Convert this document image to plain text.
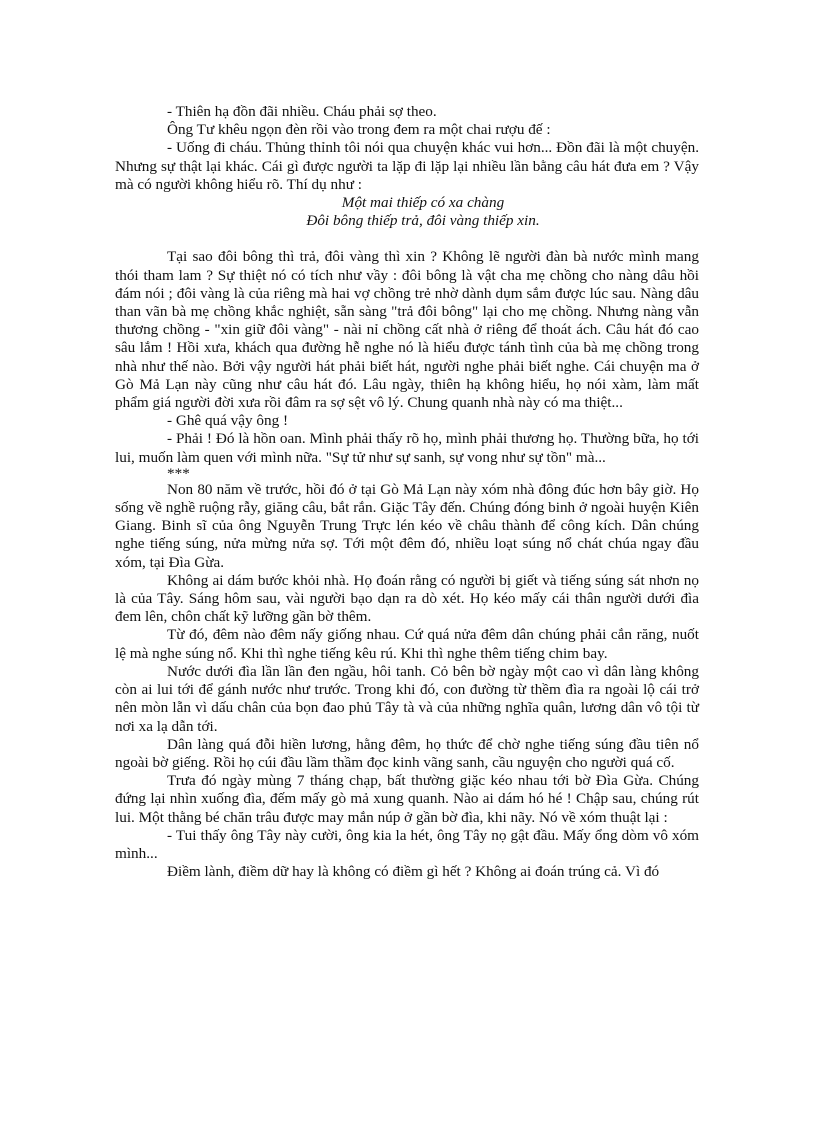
- Thiên hạ đồn đãi nhiều. Cháu phải sợ theo.

Ông Tư khêu ngọn đèn rồi vào trong đem ra một chai rượu đế :

- Uống đi cháu. Thủng thỉnh tôi nói qua chuyện khác vui hơn... Đồn đãi là một chuyện. Nhưng sự thật lại khác. Cái gì được người ta lặp đi lặp lại nhiều lần bằng câu hát đưa em ? Vậy mà có người không hiểu rõ. Thí dụ như :

Một mai thiếp có xa chàng

Đôi bông thiếp trả, đôi vàng thiếp xin.

Tại sao đôi bông thì trả, đôi vàng thì xin ? Không lẽ người đàn bà nước mình mang thói tham lam ? Sự thiệt nó có tích như vầy : đôi bông là vật cha mẹ chồng cho nàng dâu hồi đám nói ; đôi vàng là của riêng mà hai vợ chồng trẻ nhờ dành dụm sắm được lúc sau. Nàng dâu than vãn bà mẹ chồng khắc nghiệt, sẵn sàng "trả đôi bông" lại cho mẹ chồng. Nhưng nàng vẫn thương chồng - "xin giữ đôi vàng" - nài nỉ chồng cất nhà ở riêng để thoát ách. Câu hát đó cao sâu lắm ! Hồi xưa, khách qua đường hễ nghe nó là hiểu được tánh tình của bà mẹ chồng trong nhà như thế nào. Bởi vậy người hát phải biết hát, người nghe phải biết nghe. Cái chuyện ma ở Gò Mả Lạn này cũng như câu hát đó. Lâu ngày, thiên hạ không hiểu, họ nói xàm, làm mất phẩm giá người đời xưa rồi đâm ra sợ sệt vô lý. Chung quanh nhà này có ma thiệt...

- Ghê quá vậy ông !

- Phải ! Đó là hồn oan. Mình phải thấy rõ họ, mình phải thương họ. Thường bữa, họ tới lui, muốn làm quen với mình nữa. "Sự tử như sự sanh, sự vong như sự tồn" mà...

***

Non 80 năm về trước, hồi đó ở tại Gò Mả Lạn này xóm nhà đông đúc hơn bây giờ. Họ sống về nghề ruộng rẫy, giăng câu, bắt rắn. Giặc Tây đến. Chúng đóng binh ở ngoài huyện Kiên Giang. Binh sĩ của ông Nguyễn Trung Trực lén kéo về châu thành để công kích. Dân chúng nghe tiếng súng, nửa mừng nửa sợ. Tới một đêm đó, nhiều loạt súng nổ chát chúa ngay đầu xóm, tại Đìa Gừa.

Không ai dám bước khỏi nhà. Họ đoán rằng có người bị giết và tiếng súng sát nhơn nọ là của Tây. Sáng hôm sau, vài người bạo dạn ra dò xét. Họ kéo mấy cái thân người dưới đìa đem lên, chôn chất kỹ lưỡng gần bờ thêm.

Từ đó, đêm nào đêm nấy giống nhau. Cứ quá nửa đêm dân chúng phải cắn răng, nuốt lệ mà nghe súng nổ. Khi thì nghe tiếng kêu rú. Khi thì nghe thêm tiếng chim bay.

Nước dưới đìa lần lần đen ngầu, hôi tanh. Cỏ bên bờ ngày một cao vì dân làng không còn ai lui tới để gánh nước như trước. Trong khi đó, con đường từ thềm đìa ra ngoài lộ cái trở nên mòn lẵn vì dấu chân của bọn đao phủ Tây tà và của những nghĩa quân, lương dân vô tội từ nơi xa lạ dẫn tới.

Dân làng quá đỗi hiền lương, hằng đêm, họ thức để chờ nghe tiếng súng đầu tiên nổ ngoài bờ giếng. Rồi họ cúi đầu lầm thầm đọc kinh vãng sanh, cầu nguyện cho người quá cố.

Trưa đó ngày mùng 7 tháng chạp, bất thường giặc kéo nhau tới bờ Đìa Gừa. Chúng đứng lại nhìn xuống đìa, đếm mấy gò mả xung quanh. Nào ai dám hó hé ! Chập sau, chúng rút lui. Một thằng bé chăn trâu được may mắn núp ở gần bờ đìa, khi nãy. Nó về xóm thuật lại :

- Tui thấy ông Tây này cười, ông kia la hét, ông Tây nọ gật đầu. Mấy ổng dòm vô xóm mình...

Điềm lành, điềm dữ hay là không có điềm gì hết ? Không ai đoán trúng cả. Vì đó
